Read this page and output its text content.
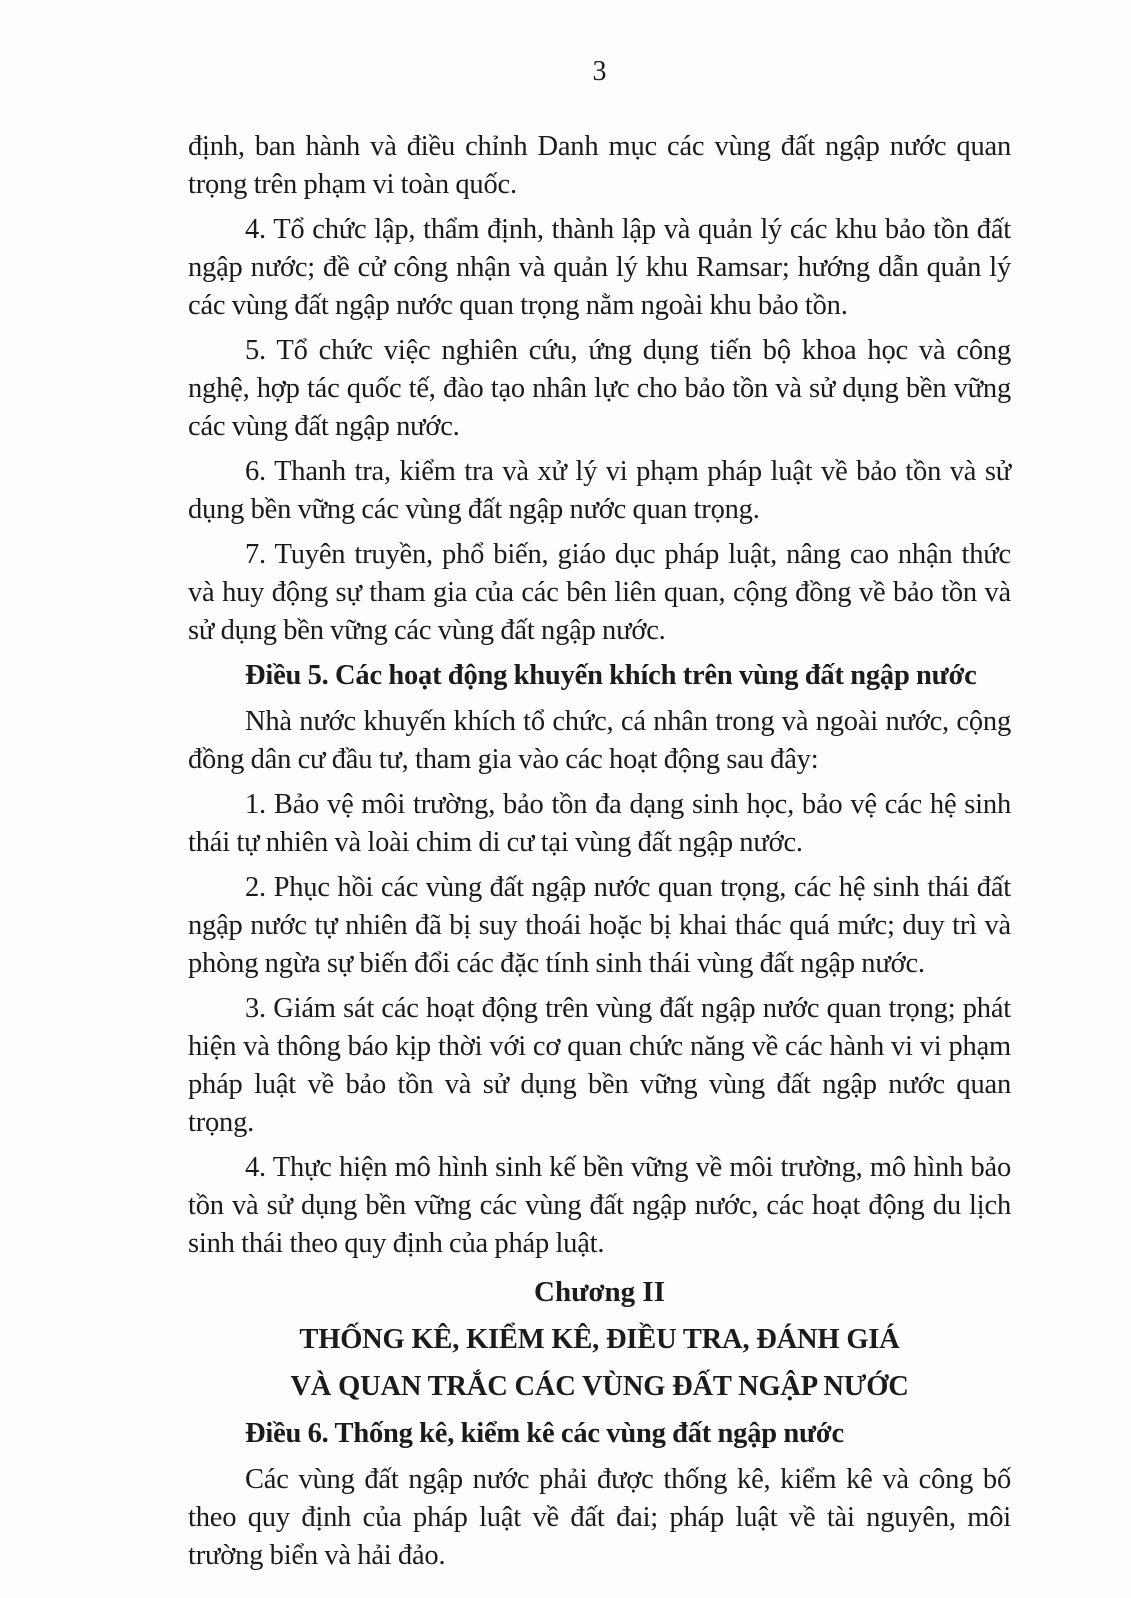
3

định, ban hành và điều chỉnh Danh mục các vùng đất ngập nước quan trọng trên phạm vi toàn quốc.

4. Tổ chức lập, thẩm định, thành lập và quản lý các khu bảo tồn đất ngập nước; đề cử công nhận và quản lý khu Ramsar; hướng dẫn quản lý các vùng đất ngập nước quan trọng nằm ngoài khu bảo tồn.

5. Tổ chức việc nghiên cứu, ứng dụng tiến bộ khoa học và công nghệ, hợp tác quốc tế, đào tạo nhân lực cho bảo tồn và sử dụng bền vững các vùng đất ngập nước.

6. Thanh tra, kiểm tra và xử lý vi phạm pháp luật về bảo tồn và sử dụng bền vững các vùng đất ngập nước quan trọng.

7. Tuyên truyền, phổ biến, giáo dục pháp luật, nâng cao nhận thức và huy động sự tham gia của các bên liên quan, cộng đồng về bảo tồn và sử dụng bền vững các vùng đất ngập nước.

Điều 5. Các hoạt động khuyến khích trên vùng đất ngập nước

Nhà nước khuyến khích tổ chức, cá nhân trong và ngoài nước, cộng đồng dân cư đầu tư, tham gia vào các hoạt động sau đây:

1. Bảo vệ môi trường, bảo tồn đa dạng sinh học, bảo vệ các hệ sinh thái tự nhiên và loài chim di cư tại vùng đất ngập nước.

2. Phục hồi các vùng đất ngập nước quan trọng, các hệ sinh thái đất ngập nước tự nhiên đã bị suy thoái hoặc bị khai thác quá mức; duy trì và phòng ngừa sự biến đổi các đặc tính sinh thái vùng đất ngập nước.

3. Giám sát các hoạt động trên vùng đất ngập nước quan trọng; phát hiện và thông báo kịp thời với cơ quan chức năng về các hành vi vi phạm pháp luật về bảo tồn và sử dụng bền vững vùng đất ngập nước quan trọng.

4. Thực hiện mô hình sinh kế bền vững về môi trường, mô hình bảo tồn và sử dụng bền vững các vùng đất ngập nước, các hoạt động du lịch sinh thái theo quy định của pháp luật.

Chương II
THỐNG KÊ, KIỂM KÊ, ĐIỀU TRA, ĐÁNH GIÁ
VÀ QUAN TRẮC CÁC VÙNG ĐẤT NGẬP NƯỚC
Điều 6. Thống kê, kiểm kê các vùng đất ngập nước

Các vùng đất ngập nước phải được thống kê, kiểm kê và công bố theo quy định của pháp luật về đất đai; pháp luật về tài nguyên, môi trường biển và hải đảo.
